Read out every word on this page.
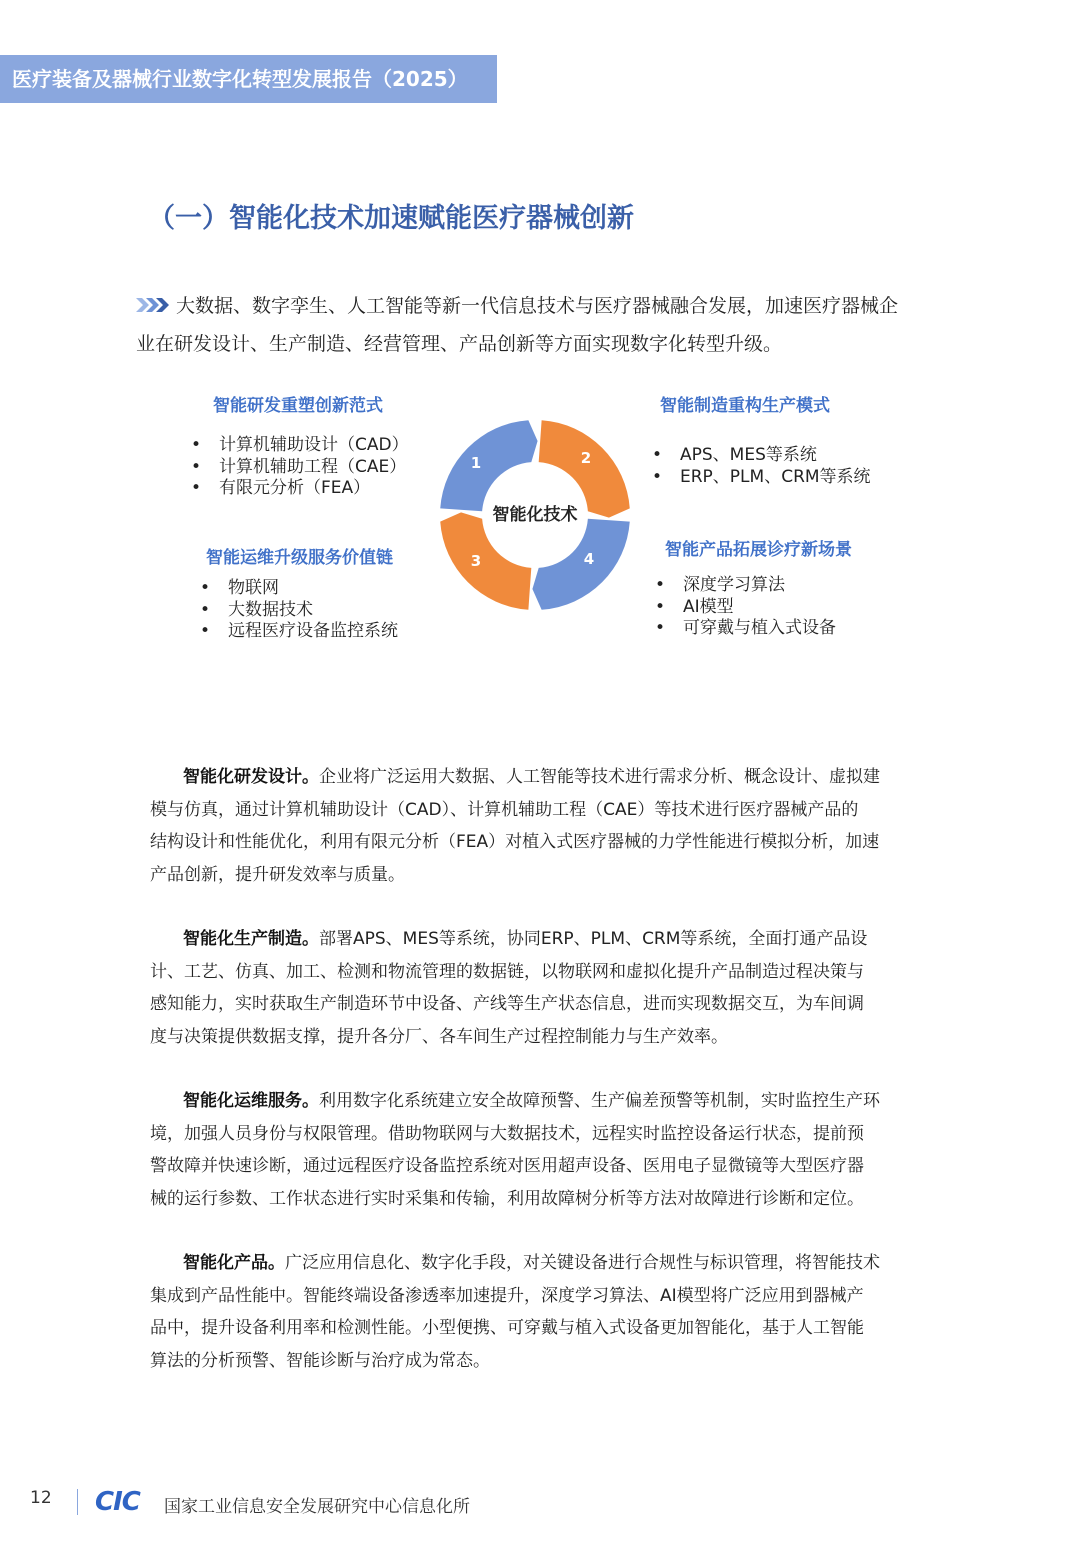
医疗装备及器械行业数字化转型发展报告（2025）
（一）智能化技术加速赋能医疗器械创新
大数据、数字孪生、人工智能等新一代信息技术与医疗器械融合发展，加速医疗器械企
业在研发设计、生产制造、经营管理、产品创新等方面实现数字化转型升级。
智能研发重塑创新范式	智能制造重构生产模式
智能运维升级服务价值链	智能产品拓展诊疗新场景
• 计算机辅助设计（CAD）
• 计算机辅助工程（CAE）
• 有限元分析（FEA）
• APS、MES等系统
• ERP、PLM、CRM等系统
• 物联网
• 大数据技术
• 远程医疗设备监控系统
• 深度学习算法
• AI模型
• 可穿戴与植入式设备
智能化技术
1	2
3	4
智能化研发设计。企业将广泛运用大数据、人工智能等技术进行需求分析、概念设计、虚拟建
模与仿真，通过计算机辅助设计（CAD）、计算机辅助工程（CAE）等技术进行医疗器械产品的
结构设计和性能优化，利用有限元分析（FEA）对植入式医疗器械的力学性能进行模拟分析，加速
产品创新，提升研发效率与质量。
智能化生产制造。部署APS、MES等系统，协同ERP、PLM、CRM等系统，全面打通产品设
计、工艺、仿真、加工、检测和物流管理的数据链，以物联网和虚拟化提升产品制造过程决策与
感知能力，实时获取生产制造环节中设备、产线等生产状态信息，进而实现数据交互，为车间调
度与决策提供数据支撑，提升各分厂、各车间生产过程控制能力与生产效率。
智能化运维服务。利用数字化系统建立安全故障预警、生产偏差预警等机制，实时监控生产环
境，加强人员身份与权限管理。借助物联网与大数据技术，远程实时监控设备运行状态，提前预
警故障并快速诊断，通过远程医疗设备监控系统对医用超声设备、医用电子显微镜等大型医疗器
械的运行参数、工作状态进行实时采集和传输，利用故障树分析等方法对故障进行诊断和定位。
智能化产品。广泛应用信息化、数字化手段，对关键设备进行合规性与标识管理，将智能技术
集成到产品性能中。智能终端设备渗透率加速提升，深度学习算法、AI模型将广泛应用到器械产
品中，提升设备利用率和检测性能。小型便携、可穿戴与植入式设备更加智能化，基于人工智能
算法的分析预警、智能诊断与治疗成为常态。
12 CIC 国家工业信息安全发展研究中心信息化所
